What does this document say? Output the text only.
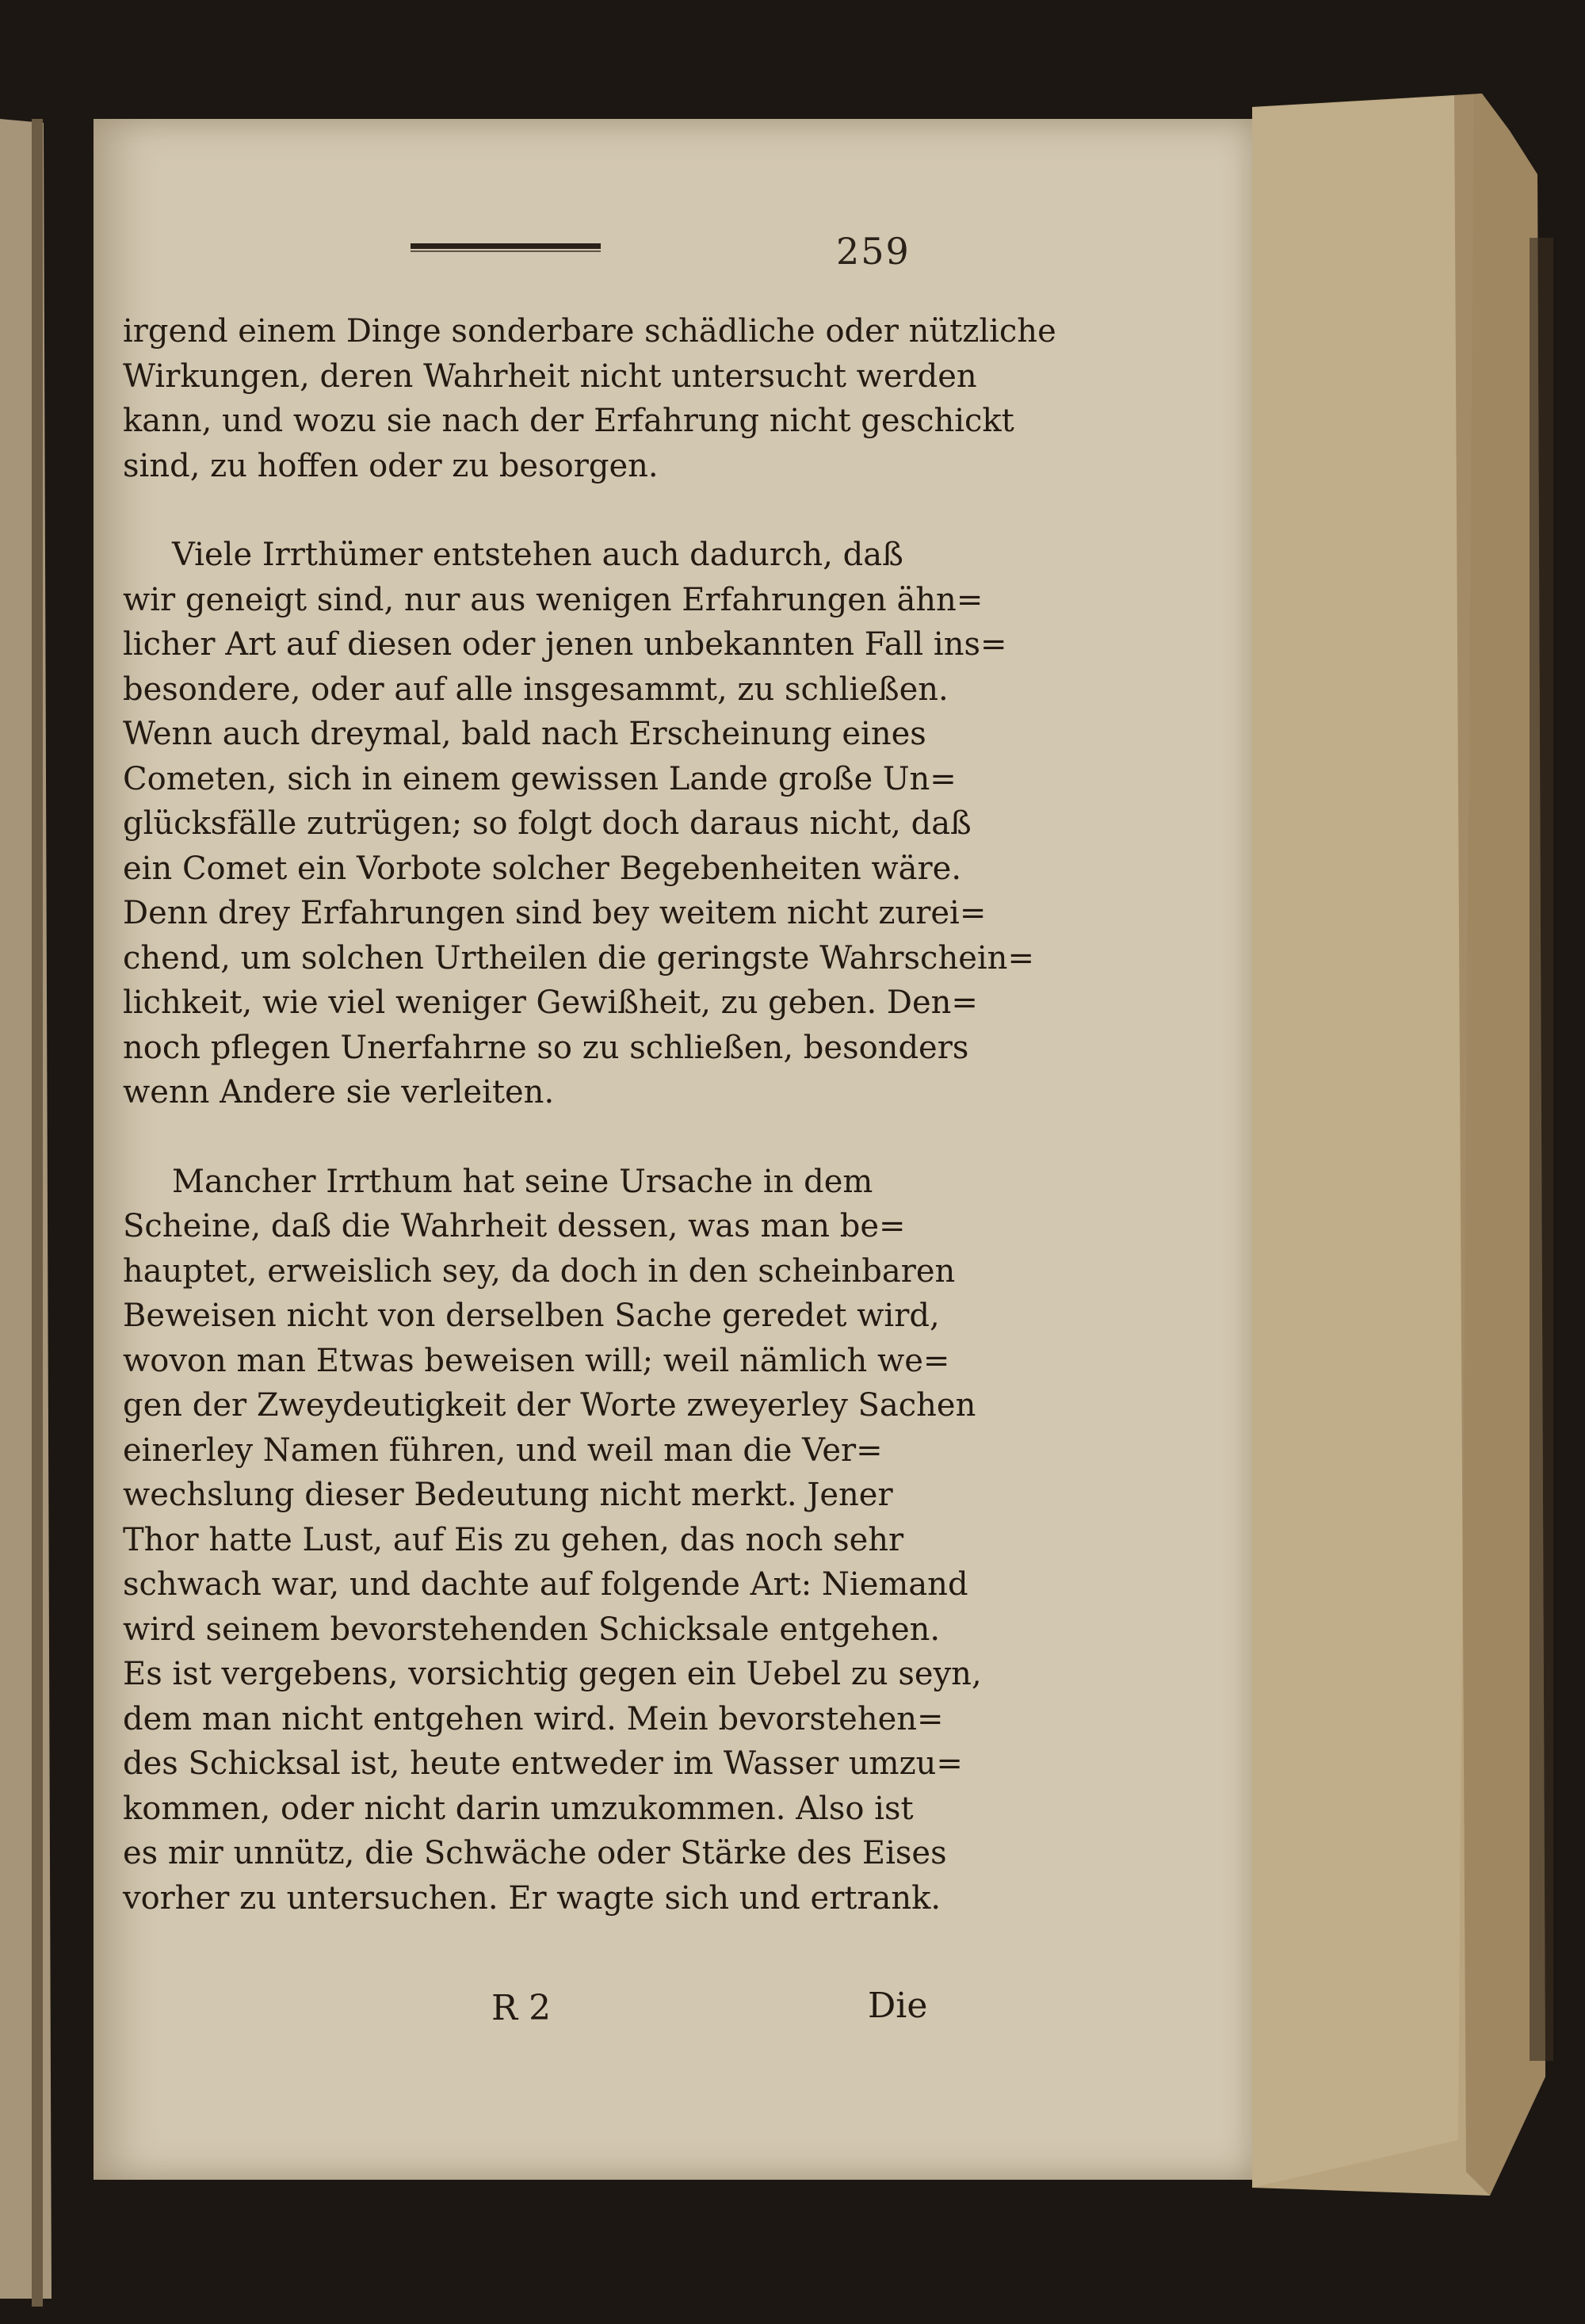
259
irgend einem Dinge sonderbare schädliche oder nützliche
Wirkungen, deren Wahrheit nicht untersucht werden
kann, und wozu sie nach der Erfahrung nicht geschickt
sind, zu hoffen oder zu besorgen.
Viele Irrthümer entstehen auch dadurch, daß
wir geneigt sind, nur aus wenigen Erfahrungen ähn=
licher Art auf diesen oder jenen unbekannten Fall ins=
besondere, oder auf alle insgesammt, zu schließen.
Wenn auch dreymal, bald nach Erscheinung eines
Cometen, sich in einem gewissen Lande große Un=
glücksfälle zutrügen; so folgt doch daraus nicht, daß
ein Comet ein Vorbote solcher Begebenheiten wäre.
Denn drey Erfahrungen sind bey weitem nicht zurei=
chend, um solchen Urtheilen die geringste Wahrschein=
lichkeit, wie viel weniger Gewißheit, zu geben. Den=
noch pflegen Unerfahrne so zu schließen, besonders
wenn Andere sie verleiten.
Mancher Irrthum hat seine Ursache in dem
Scheine, daß die Wahrheit dessen, was man be=
hauptet, erweislich sey, da doch in den scheinbaren
Beweisen nicht von derselben Sache geredet wird,
wovon man Etwas beweisen will; weil nämlich we=
gen der Zweydeutigkeit der Worte zweyerley Sachen
einerley Namen führen, und weil man die Ver=
wechslung dieser Bedeutung nicht merkt. Jener
Thor hatte Lust, auf Eis zu gehen, das noch sehr
schwach war, und dachte auf folgende Art: Niemand
wird seinem bevorstehenden Schicksale entgehen.
Es ist vergebens, vorsichtig gegen ein Uebel zu seyn,
dem man nicht entgehen wird. Mein bevorstehen=
des Schicksal ist, heute entweder im Wasser umzu=
kommen, oder nicht darin umzukommen. Also ist
es mir unnütz, die Schwäche oder Stärke des Eises
vorher zu untersuchen. Er wagte sich und ertrank.
R 2	Die
